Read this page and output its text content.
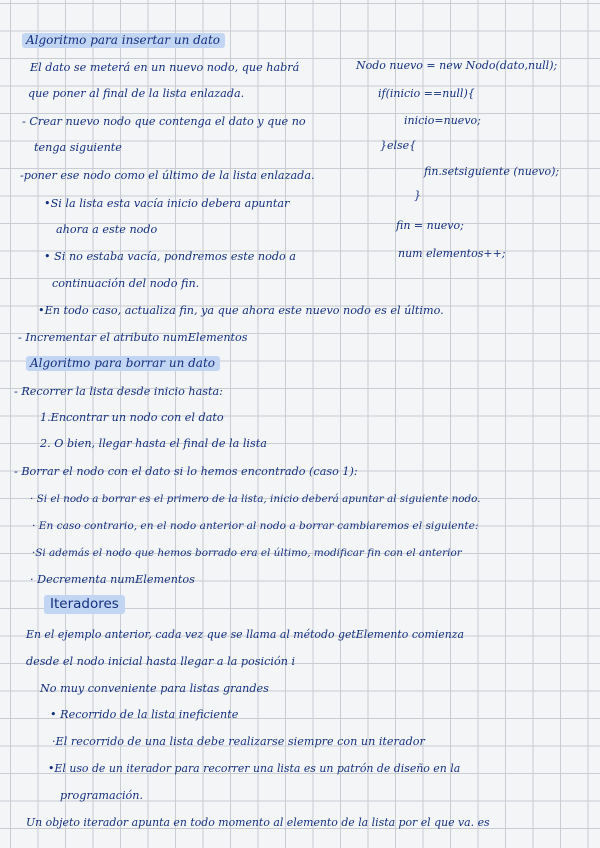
Algoritmo para insertar un dato
El dato se meterá en un nuevo nodo, que habrá
que poner al final de la lista enlazada.
- Crear nuevo nodo que contenga el dato y que no
tenga siguiente
-poner ese nodo como el último de la lista enlazada.
•Si la lista esta vacía inicio debera apuntar
ahora a este nodo
• Si no estaba vacía, pondremos este nodo a
continuación del nodo fin.
•En todo caso, actualiza fin, ya que ahora este nuevo nodo es el último.
- Incrementar el atributo numElementos
Nodo nuevo = new Nodo(dato,null);
if(inicio ==null){
inicio=nuevo;
}else{
fin.setsiguiente (nuevo);
}
fin = nuevo;
num elementos++;
Algoritmo para borrar un dato
- Recorrer la lista desde inicio hasta:
1.Encontrar un nodo con el dato
2. O bien, llegar hasta el final de la lista
- Borrar el nodo con el dato si lo hemos encontrado (caso 1):
· Si el nodo a borrar es el primero de la lista, inicio deberá apuntar al siguiente nodo.
· En caso contrario, en el nodo anterior al nodo a borrar cambiaremos el siguiente:
·Si además el nodo que hemos borrado era el último, modificar fin con el anterior
· Decrementa numElementos
Iteradores
En el ejemplo anterior, cada vez que se llama al método getElemento comienza
desde el nodo inicial hasta llegar a la posición i
No muy conveniente para listas grandes
• Recorrido de la lista ineficiente
·El recorrido de una lista debe realizarse siempre con un iterador
•El uso de un iterador para recorrer una lista es un patrón de diseño en la
programación.
Un objeto iterador apunta en todo momento al elemento de la lista por el que va. es
